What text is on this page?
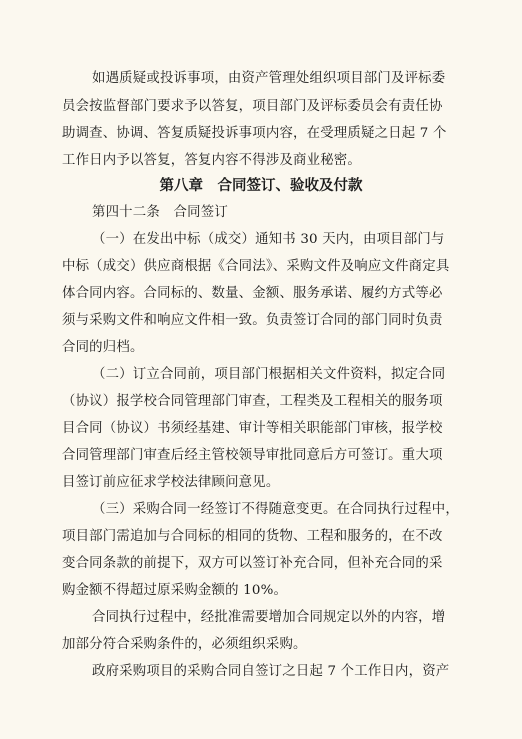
如遇质疑或投诉事项，由资产管理处组织项目部门及评标委
员会按监督部门要求予以答复，项目部门及评标委员会有责任协
助调查、协调、答复质疑投诉事项内容，在受理质疑之日起 7 个
工作日内予以答复，答复内容不得涉及商业秘密。
第八章　合同签订、验收及付款
第四十二条　合同签订
（一）在发出中标（成交）通知书 30 天内，由项目部门与
中标（成交）供应商根据《合同法》、采购文件及响应文件商定具
体合同内容。合同标的、数量、金额、服务承诺、履约方式等必
须与采购文件和响应文件相一致。负责签订合同的部门同时负责
合同的归档。
（二）订立合同前，项目部门根据相关文件资料，拟定合同
（协议）报学校合同管理部门审查，工程类及工程相关的服务项
目合同（协议）书须经基建、审计等相关职能部门审核，报学校
合同管理部门审查后经主管校领导审批同意后方可签订。重大项
目签订前应征求学校法律顾问意见。
（三）采购合同一经签订不得随意变更。在合同执行过程中，
项目部门需追加与合同标的相同的货物、工程和服务的，在不改
变合同条款的前提下，双方可以签订补充合同，但补充合同的采
购金额不得超过原采购金额的 10%。
合同执行过程中，经批准需要增加合同规定以外的内容，增
加部分符合采购条件的，必须组织采购。
政府采购项目的采购合同自签订之日起 7 个工作日内，资产
